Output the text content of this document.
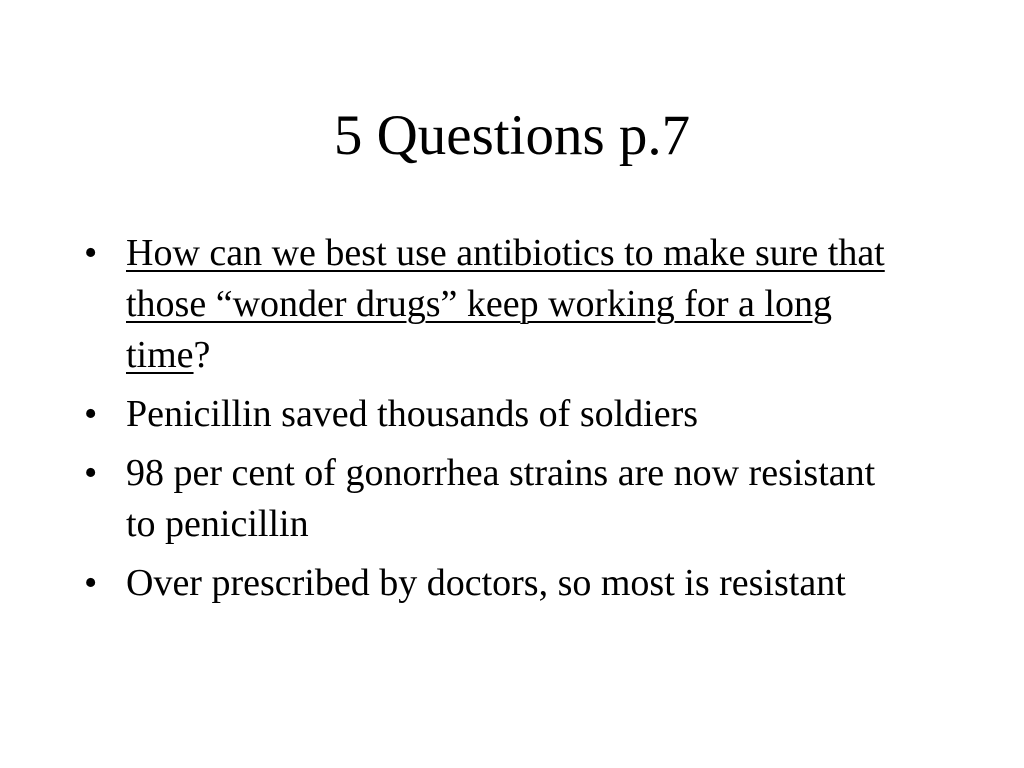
5 Questions p.7
• How can we best use antibiotics to make sure that those “wonder drugs” keep working for a long time?
• Penicillin saved thousands of soldiers
• 98 per cent of gonorrhea strains are now resistant to penicillin
• Over prescribed by doctors, so most is resistant
